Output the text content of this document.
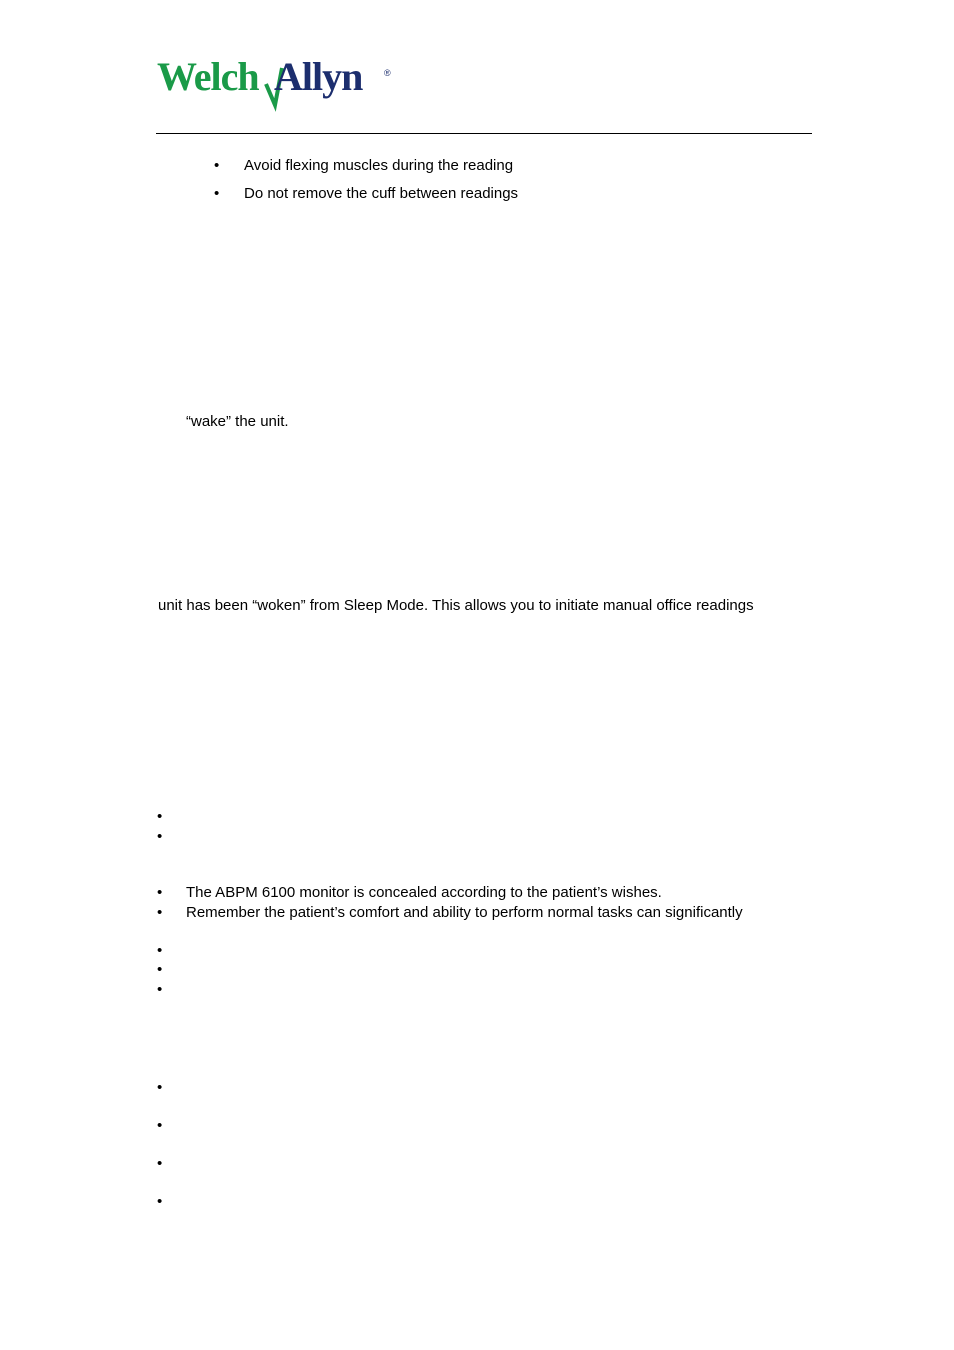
Welch Allyn ®
• Avoid flexing muscles during the reading
• Do not remove the cuff between readings
“wake” the unit.
unit has been “woken” from Sleep Mode. This allows you to initiate manual office readings
•
•
• The ABPM 6100 monitor is concealed according to the patient’s wishes.
• Remember the patient’s comfort and ability to perform normal tasks can significantly
•
•
•
•
•
•
•
